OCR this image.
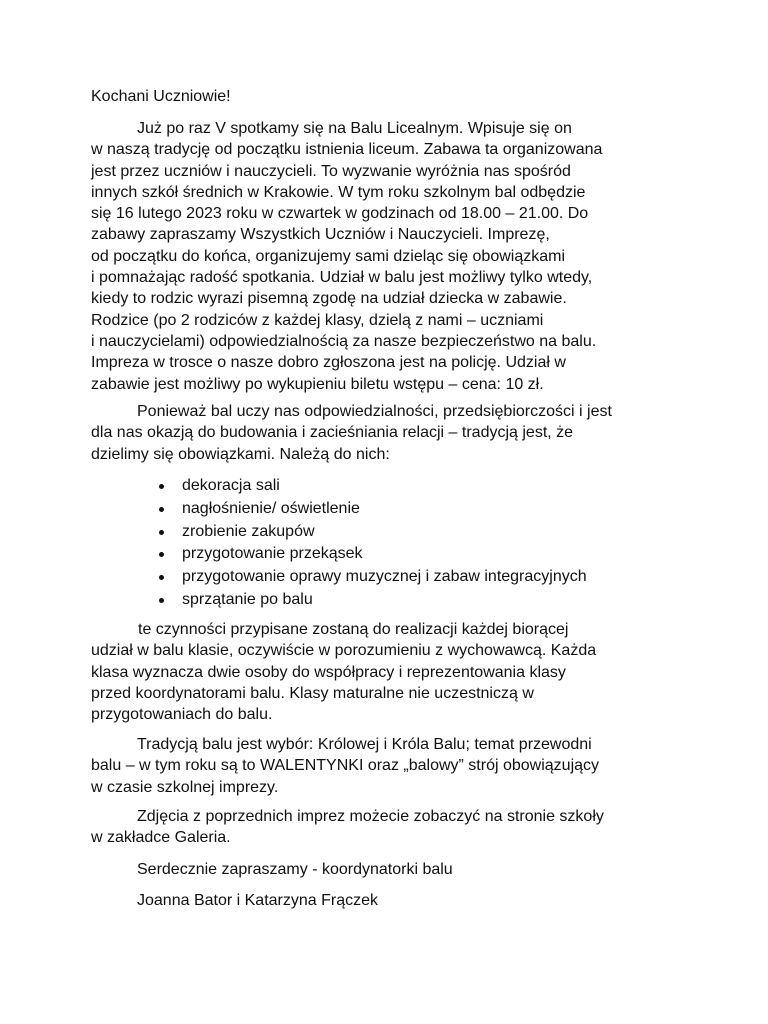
Kochani Uczniowie!

Już po raz V spotkamy się na Balu Licealnym. Wpisuje się on
w naszą tradycję od początku istnienia liceum. Zabawa ta organizowana
jest przez uczniów i nauczycieli. To wyzwanie wyróżnia nas spośród
innych szkół średnich w Krakowie. W tym roku szkolnym bal odbędzie
się 16 lutego 2023 roku w czwartek w godzinach od 18.00 – 21.00. Do
zabawy zapraszamy Wszystkich Uczniów i Nauczycieli. Imprezę,
od początku do końca, organizujemy sami dzieląc się obowiązkami
i pomnażając radość spotkania. Udział w balu jest możliwy tylko wtedy,
kiedy to rodzic wyrazi pisemną zgodę na udział dziecka w zabawie.
Rodzice (po 2 rodziców z każdej klasy, dzielą z nami – uczniami
i nauczycielami) odpowiedzialnością za nasze bezpieczeństwo na balu.
Impreza w trosce o nasze dobro zgłoszona jest na policję. Udział w
zabawie jest możliwy po wykupieniu biletu wstępu – cena: 10 zł.

Ponieważ bal uczy nas odpowiedzialności, przedsiębiorczości i jest
dla nas okazją do budowania i zacieśniania relacji – tradycją jest, że
dzielimy się obowiązkami. Należą do nich:

dekoracja sali
nagłośnienie/ oświetlenie
zrobienie zakupów
przygotowanie przekąsek
przygotowanie oprawy muzycznej i zabaw integracyjnych
sprzątanie po balu

te czynności przypisane zostaną do realizacji każdej biorącej
udział w balu klasie, oczywiście w porozumieniu z wychowawcą. Każda
klasa wyznacza dwie osoby do współpracy i reprezentowania klasy
przed koordynatorami balu. Klasy maturalne nie uczestniczą w
przygotowaniach do balu.

Tradycją balu jest wybór: Królowej i Króla Balu; temat przewodni
balu – w tym roku są to WALENTYNKI oraz „balowy” strój obowiązujący
w czasie szkolnej imprezy.

Zdjęcia z poprzednich imprez możecie zobaczyć na stronie szkoły
w zakładce Galeria.

Serdecznie zapraszamy - koordynatorki balu

Joanna Bator i Katarzyna Frączek
